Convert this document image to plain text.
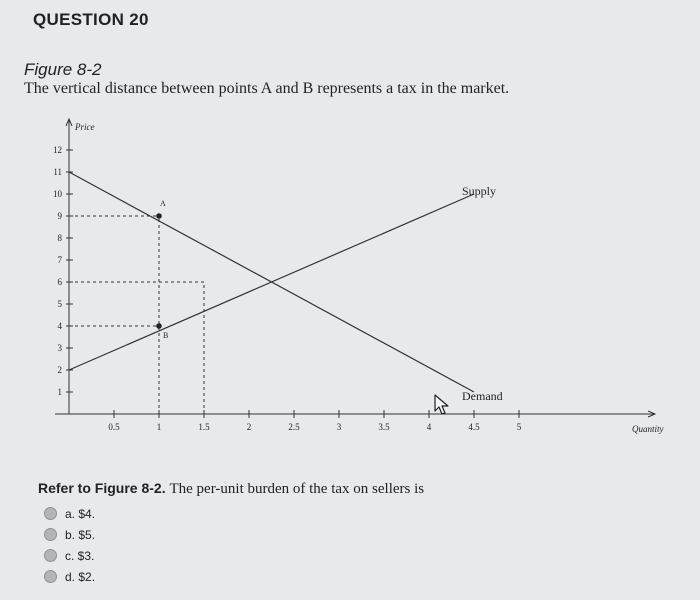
QUESTION 20
Figure 8-2
The vertical distance between points A and B represents a tax in the market.
1
2
3
4
5
6
7
8
9
10
11
12
0.5	1	1.5	2	2.5	3	3.5	4	4.5	5
Price
Quantity
Supply
Demand
A
B
Refer to Figure 8-2. The per-unit burden of the tax on sellers is
a. $4.
b. $5.
c. $3.
d. $2.
